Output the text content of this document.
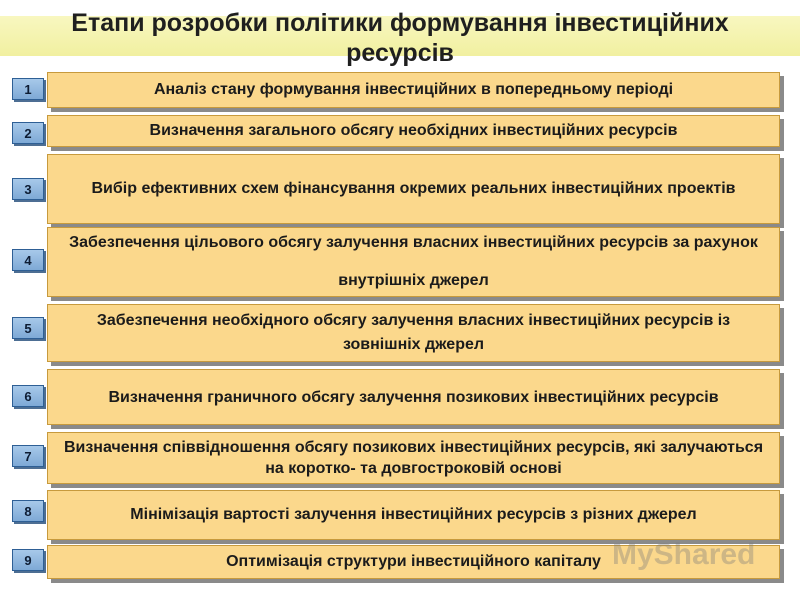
Етапи розробки політики формування інвестиційних ресурсів
1	Аналіз стану формування інвестиційних в попередньому періоді
2	Визначення загального обсягу необхідних інвестиційних ресурсів
3	Вибір ефективних схем фінансування окремих реальних інвестиційних проектів
4
Забезпечення цільового обсягу залучення власних інвестиційних ресурсів за рахунок внутрішніх джерел
5	Забезпечення необхідного обсягу залучення власних інвестиційних ресурсів із зовнішніх джерел
6	Визначення граничного обсягу залучення позикових інвестиційних ресурсів
7	Визначення співвідношення обсягу позикових інвестиційних ресурсів, які залучаються на коротко- та довгостроковій основі
8	Мінімізація вартості залучення інвестиційних ресурсів з різних джерел
9	Оптимізація структури інвестиційного капіталу MyShared
